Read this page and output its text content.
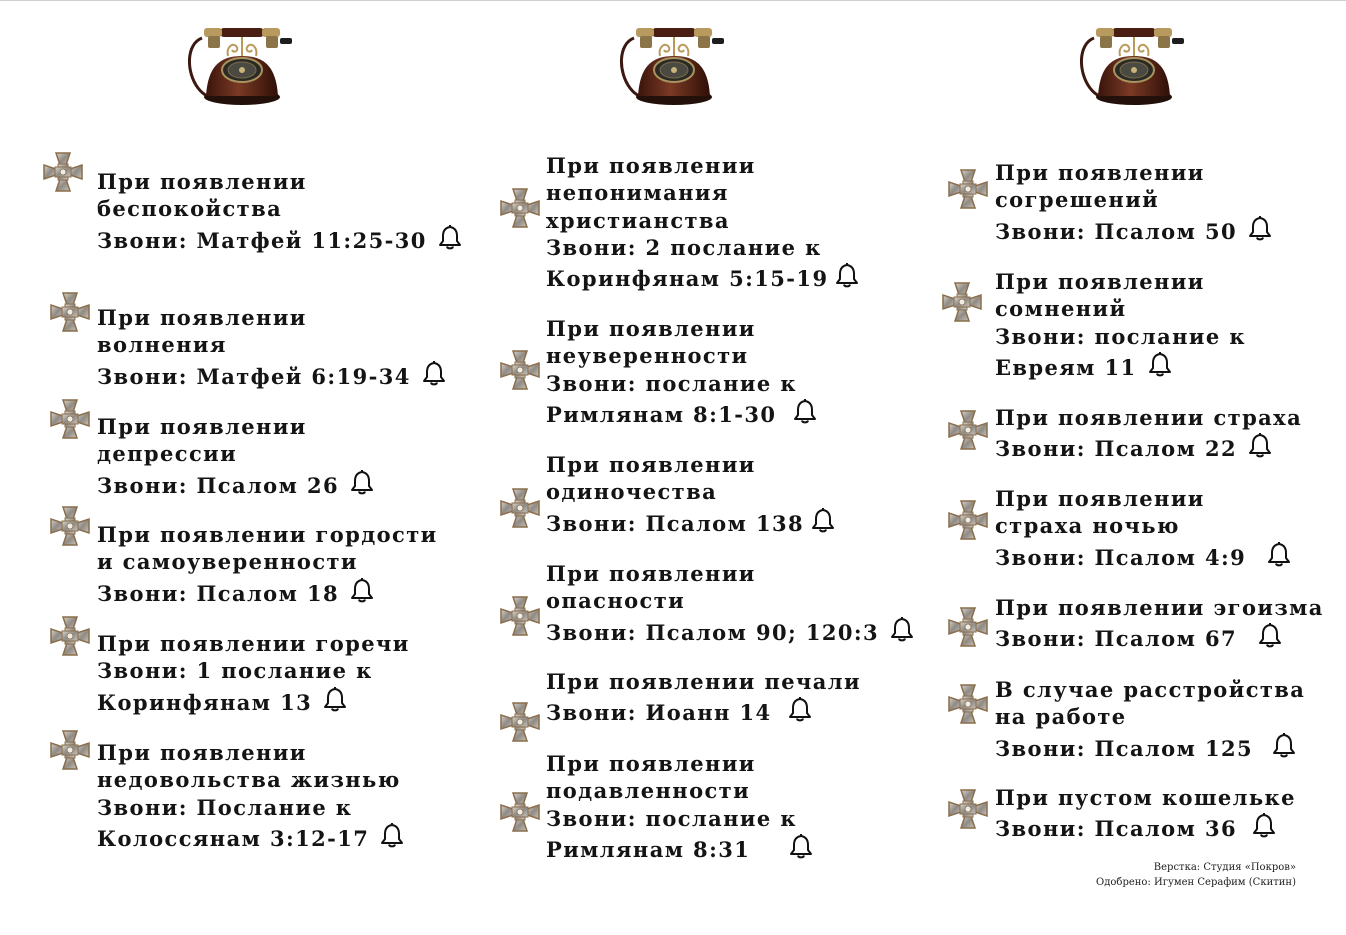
При появлении
беспокойства
Звони: Матфей 11:25-30

При появлении
волнения
Звони: Матфей 6:19-34

При появлении
депрессии
Звони: Псалом 26

При появлении гордости
и самоуверенности
Звони: Псалом 18

При появлении горечи
Звони: 1 послание к
Коринфянам 13

При появлении
недовольства жизнью
Звони: Послание к
Колоссянам 3:12-17

При появлении
непонимания
христианства
Звони: 2 послание к
Коринфянам 5:15-19

При появлении
неуверенности
Звони: послание к
Римлянам 8:1-30

При появлении
одиночества
Звони: Псалом 138

При появлении
опасности
Звони: Псалом 90; 120:3

При появлении печали
Звони: Иоанн 14

При появлении
подавленности
Звони: послание к
Римлянам 8:31

При появлении
согрешений
Звони: Псалом 50

При появлении
сомнений
Звони: послание к
Евреям 11

При появлении страха
Звони: Псалом 22

При появлении
страха ночью
Звони: Псалом 4:9

При появлении эгоизма
Звони: Псалом 67

В случае расстройства
на работе
Звони: Псалом 125

При пустом кошельке
Звони: Псалом 36

Верстка: Студия «Покров»
Одобрено: Игумен Серафим (Скитин)
